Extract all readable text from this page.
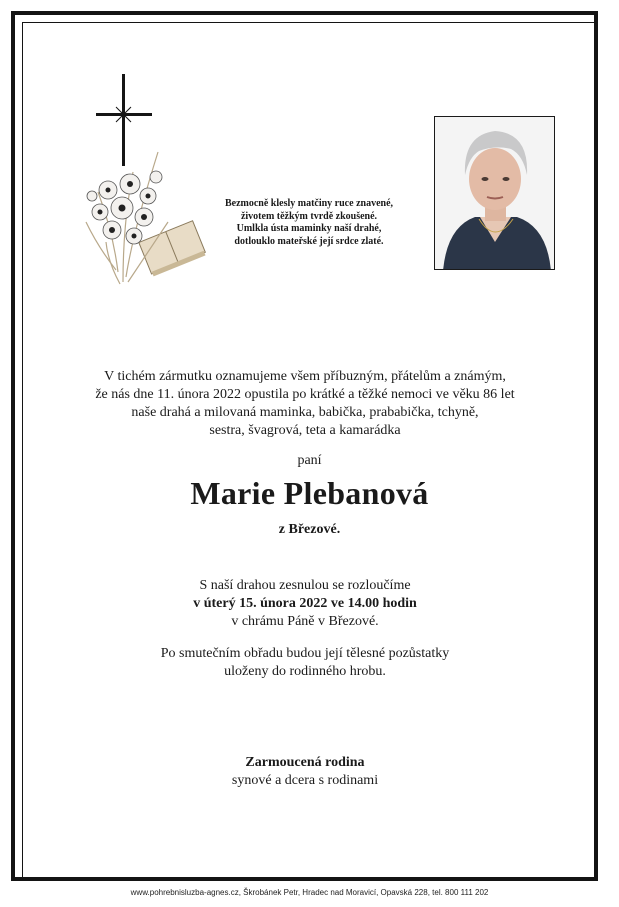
Bezmocně klesly matčiny ruce znavené,
životem těžkým tvrdě zkoušené.
Umlkla ústa maminky naší drahé,
dotlouklo mateřské její srdce zlaté.
V tichém zármutku oznamujeme všem příbuzným, přátelům a známým,
že nás dne 11. února 2022 opustila po krátké a těžké nemoci ve věku 86 let
naše drahá a milovaná maminka, babička, prababička, tchyně,
sestra, švagrová, teta a kamarádka
paní
Marie Plebanová
z Březové.
S naší drahou zesnulou se rozloučíme
v úterý 15. února 2022 ve 14.00 hodin
v chrámu Páně v Březové.
Po smutečním obřadu budou její tělesné pozůstatky
uloženy do rodinného hrobu.
Zarmoucená rodina
synové a dcera s rodinami
www.pohrebnisluzba-agnes.cz, Škrobánek Petr, Hradec nad Moravicí, Opavská 228, tel. 800 111 202
